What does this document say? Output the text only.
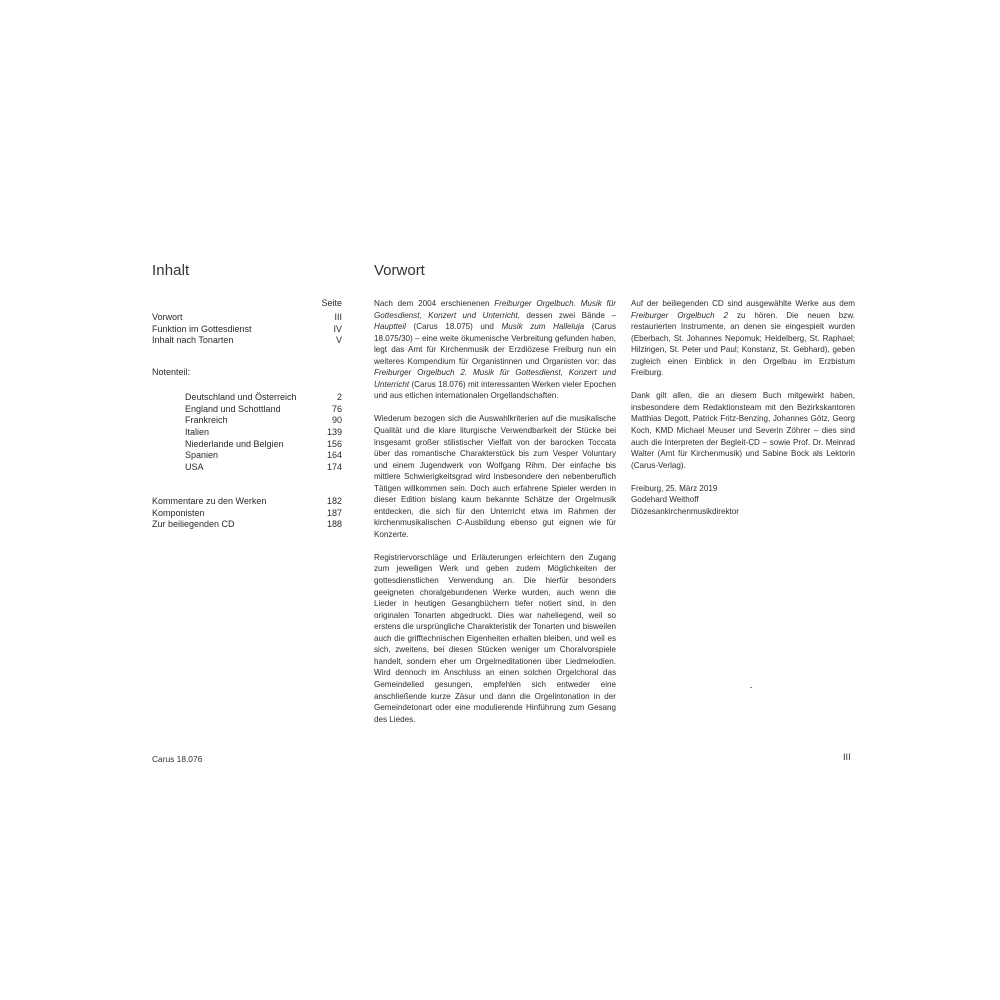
Inhalt
Seite
Vorwort	III
Funktion im Gottesdienst	IV
Inhalt nach Tonarten	V
Notenteil:
Deutschland und Österreich	2
England und Schottland	76
Frankreich	90
Italien	139
Niederlande und Belgien	156
Spanien	164
USA	174
Kommentare zu den Werken	182
Komponisten	187
Zur beiliegenden CD	188
Vorwort

Nach dem 2004 erschienenen Freiburger Orgelbuch. Musik für Gottesdienst, Konzert und Unterricht, dessen zwei Bände – Hauptteil (Carus 18.075) und Musik zum Halleluja (Carus 18.075/30) – eine weite ökumenische Verbreitung gefunden haben, legt das Amt für Kirchenmusik der Erzdiözese Freiburg nun ein weiteres Kompendium für Organistinnen und Organisten vor: das Freiburger Orgelbuch 2. Musik für Gottesdienst, Konzert und Unterricht (Carus 18.076) mit interessanten Werken vieler Epochen und aus etlichen internationalen Orgellandschaften.

Wiederum bezogen sich die Auswahlkriterien auf die musikalische Qualität und die klare liturgische Verwendbarkeit der Stücke bei insgesamt großer stilistischer Vielfalt von der barocken Toccata über das romantische Charakterstück bis zum Vesper Voluntary und einem Jugendwerk von Wolfgang Rihm. Der einfache bis mittlere Schwierigkeitsgrad wird insbesondere den nebenberuflich Tätigen willkommen sein. Doch auch erfahrene Spieler werden in dieser Edition bislang kaum bekannte Schätze der Orgelmusik entdecken, die sich für den Unterricht etwa im Rahmen der kirchenmusikalischen C-Ausbildung ebenso gut eignen wie für Konzerte.

Registriervorschläge und Erläuterungen erleichtern den Zugang zum jeweiligen Werk und geben zudem Möglichkeiten der gottesdienstlichen Verwendung an. Die hierfür besonders geeigneten choralgebundenen Werke wurden, auch wenn die Lieder in heutigen Gesangbüchern tiefer notiert sind, in den originalen Tonarten abgedruckt. Dies war naheliegend, weil so erstens die ursprüngliche Charakteristik der Tonarten und bisweilen auch die grifftechnischen Eigenheiten erhalten bleiben, und weil es sich, zweitens, bei diesen Stücken weniger um Choralvorspiele handelt, sondern eher um Orgelmeditationen über Liedmelodien. Wird dennoch im Anschluss an einen solchen Orgelchoral das Gemeindelied gesungen, empfehlen sich entweder eine anschließende kurze Zäsur und dann die Orgelintonation in der Gemeindetonart oder eine modulierende Hinführung zum Gesang des Liedes.

Auf der beiliegenden CD sind ausgewählte Werke aus dem Freiburger Orgelbuch 2 zu hören. Die neuen bzw. restaurierten Instrumente, an denen sie eingespielt wurden (Eberbach, St. Johannes Nepomuk; Heidelberg, St. Raphael; Hilzingen, St. Peter und Paul; Konstanz, St. Gebhard), geben zugleich einen Einblick in den Orgelbau im Erzbistum Freiburg.

Dank gilt allen, die an diesem Buch mitgewirkt haben, insbesondere dem Redaktionsteam mit den Bezirkskantoren Matthias Degott, Patrick Fritz-Benzing, Johannes Götz, Georg Koch, KMD Michael Meuser und Severin Zöhrer – dies sind auch die Interpreten der Begleit-CD – sowie Prof. Dr. Meinrad Walter (Amt für Kirchenmusik) und Sabine Bock als Lektorin (Carus-Verlag).

Freiburg, 25. März 2019
Godehard Weithoff
Diözesankirchenmusikdirektor

Carus 18.076	III
